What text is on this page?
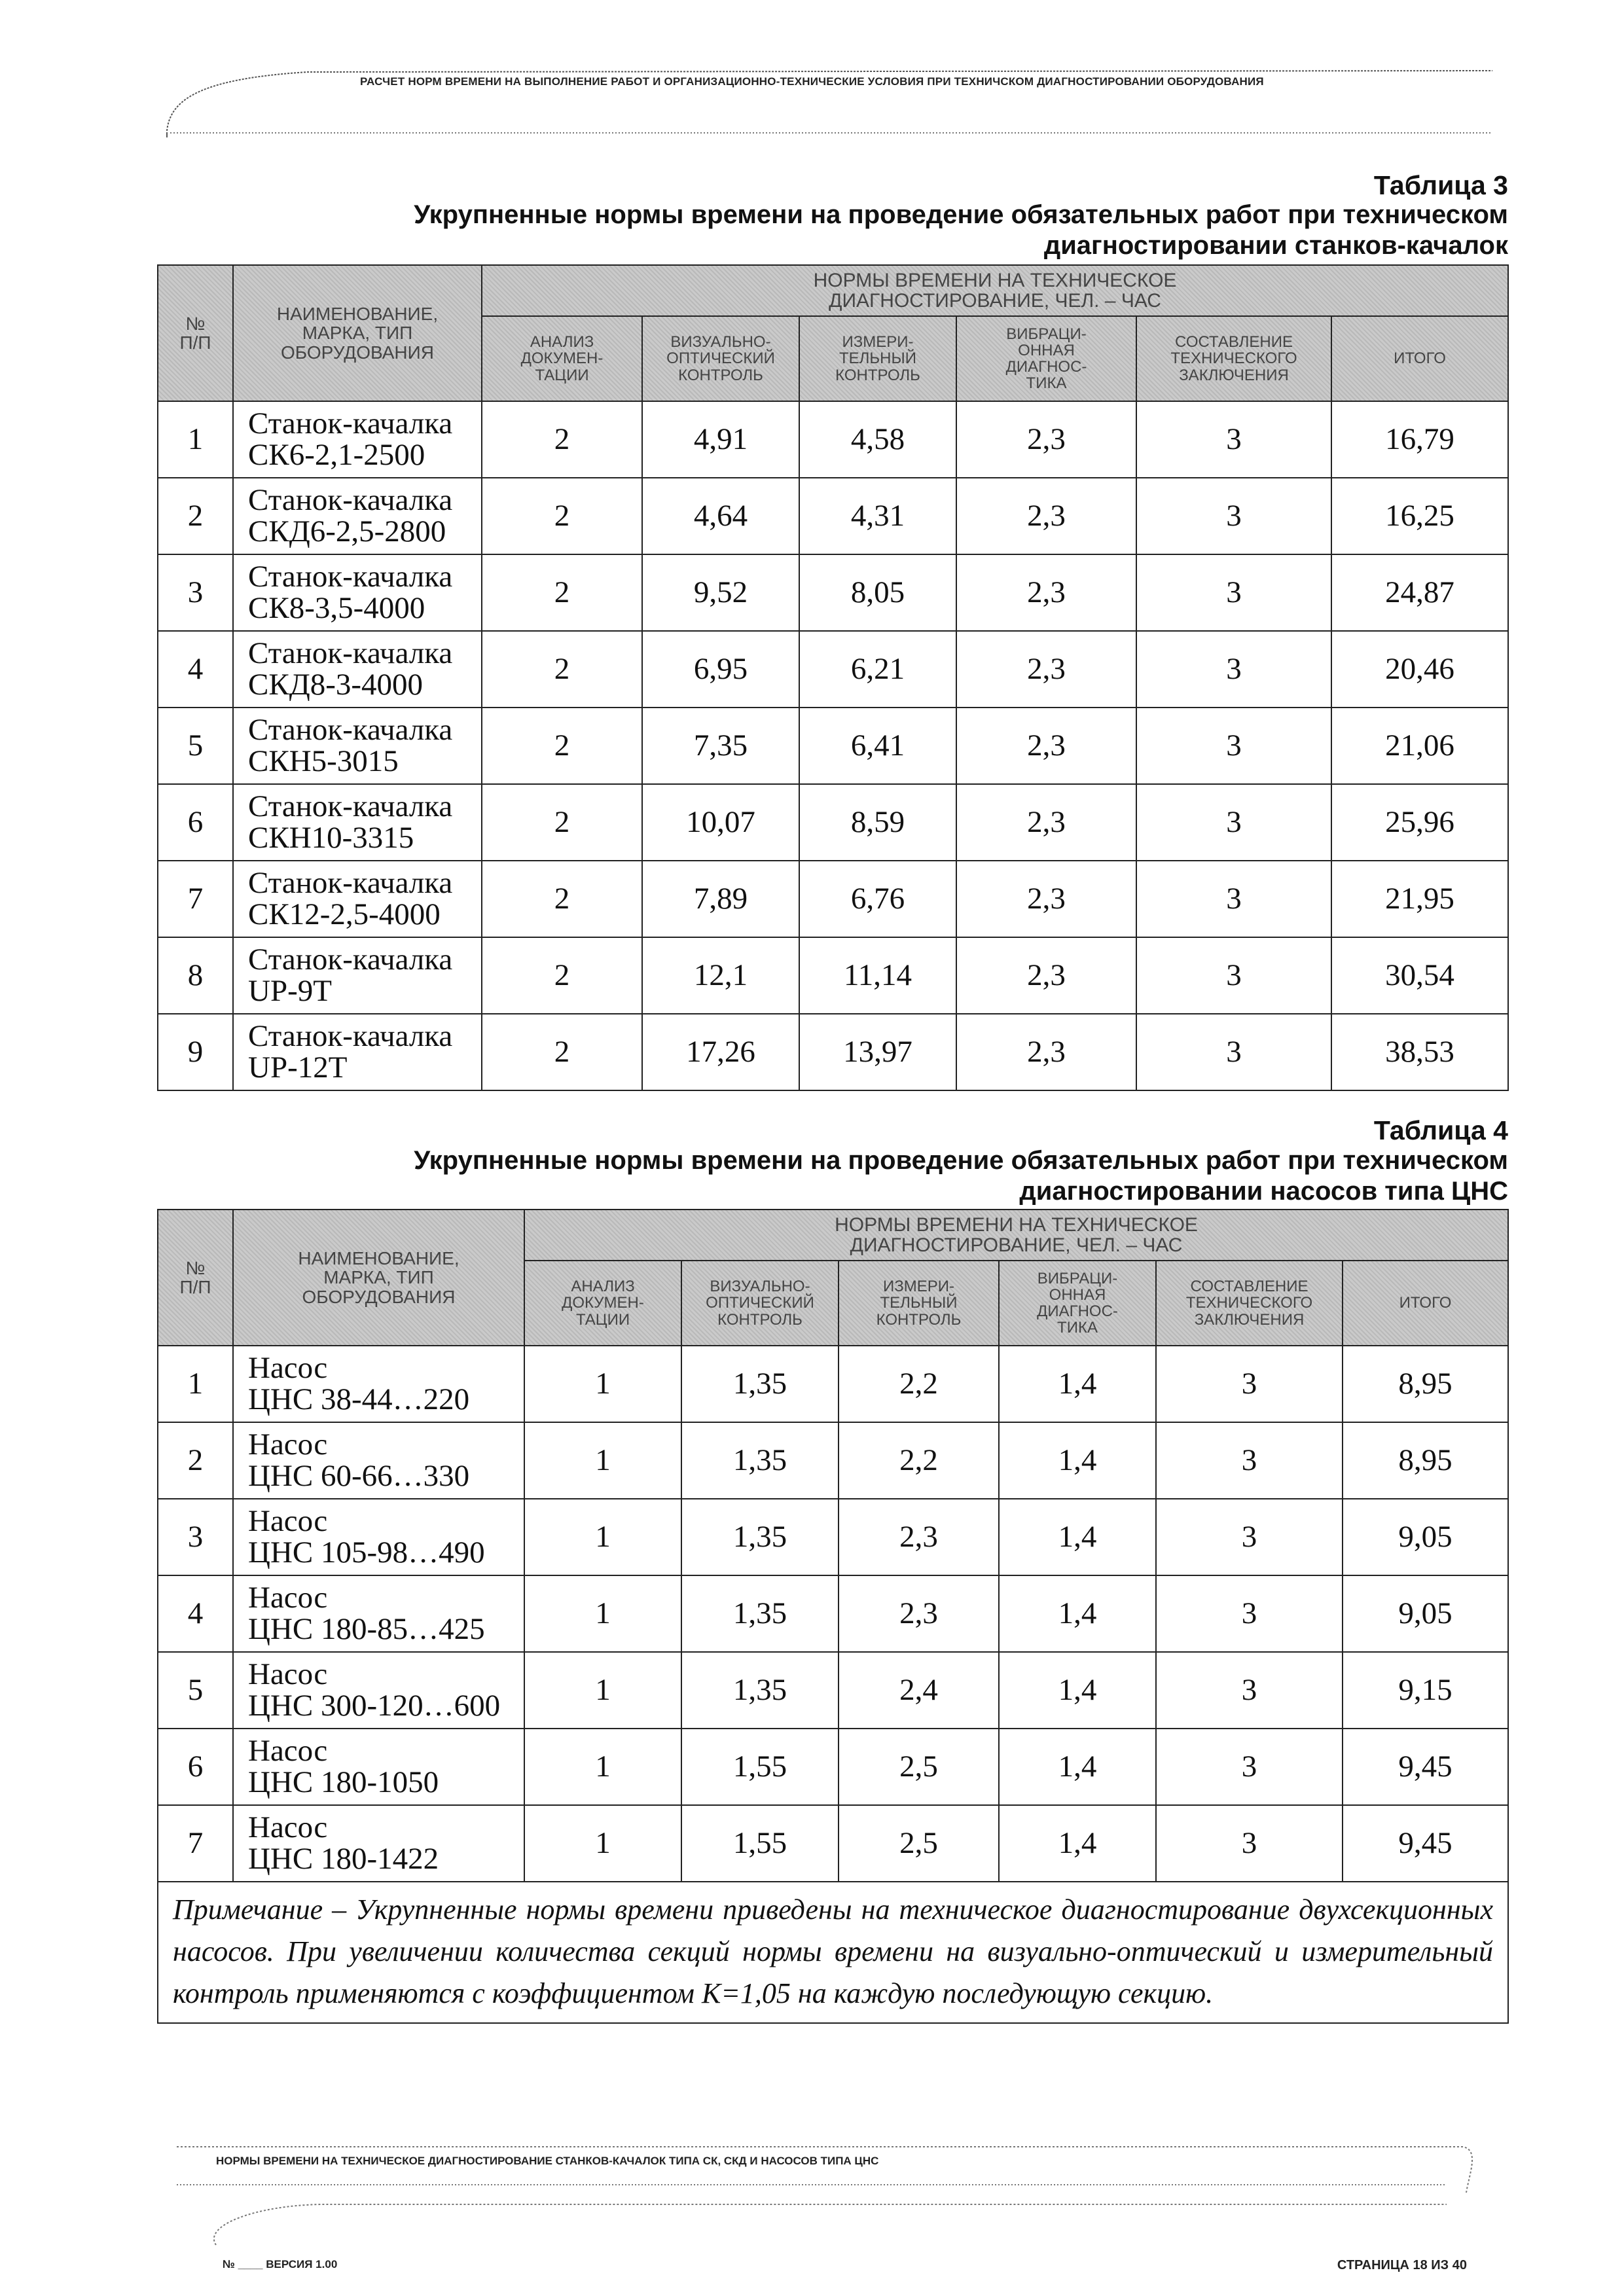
РАСЧЕТ НОРМ ВРЕМЕНИ НА ВЫПОЛНЕНИЕ РАБОТ И ОРГАНИЗАЦИОННО-ТЕХНИЧЕСКИЕ УСЛОВИЯ ПРИ ТЕХНИЧСКОМ ДИАГНОСТИРОВАНИИ ОБОРУДОВАНИЯ
Таблица 3
Укрупненные нормы времени на проведение обязательных работ при техническом
диагностировании станков-качалок
№
П/П	НАИМЕНОВАНИЕ,
МАРКА, ТИП
ОБОРУДОВАНИЯ	НОРМЫ ВРЕМЕНИ НА ТЕХНИЧЕСКОЕ
ДИАГНОСТИРОВАНИЕ, ЧЕЛ. – ЧАС					

		АНАЛИЗ
ДОКУМЕН-
ТАЦИИ	ВИЗУАЛЬНО-
ОПТИЧЕСКИЙ
КОНТРОЛЬ	ИЗМЕРИ-
ТЕЛЬНЫЙ
КОНТРОЛЬ	ВИБРАЦИ-
ОННАЯ
ДИАГНОС-
ТИКА	СОСТАВЛЕНИЕ
ТЕХНИЧЕСКОГО
ЗАКЛЮЧЕНИЯ	ИТОГО
1	Станок-качалка
СК6-2,1-2500	2	4,91	4,58	2,3	3	16,79
2	Станок-качалка
СКД6-2,5-2800	2	4,64	4,31	2,3	3	16,25
3	Станок-качалка
СК8-3,5-4000	2	9,52	8,05	2,3	3	24,87
4	Станок-качалка
СКД8-3-4000	2	6,95	6,21	2,3	3	20,46
5	Станок-качалка
СКН5-3015	2	7,35	6,41	2,3	3	21,06
6	Станок-качалка
СКН10-3315	2	10,07	8,59	2,3	3	25,96
7	Станок-качалка
СК12-2,5-4000	2	7,89	6,76	2,3	3	21,95
8	Станок-качалка
UP-9T	2	12,1	11,14	2,3	3	30,54
9	Станок-качалка
UP-12T	2	17,26	13,97	2,3	3	38,53
Таблица 4
Укрупненные нормы времени на проведение обязательных работ при техническом
диагностировании насосов типа ЦНС
№
П/П	НАИМЕНОВАНИЕ,
МАРКА, ТИП
ОБОРУДОВАНИЯ	НОРМЫ ВРЕМЕНИ НА ТЕХНИЧЕСКОЕ
ДИАГНОСТИРОВАНИЕ, ЧЕЛ. – ЧАС					

		АНАЛИЗ
ДОКУМЕН-
ТАЦИИ	ВИЗУАЛЬНО-
ОПТИЧЕСКИЙ
КОНТРОЛЬ	ИЗМЕРИ-
ТЕЛЬНЫЙ
КОНТРОЛЬ	ВИБРАЦИ-
ОННАЯ
ДИАГНОС-
ТИКА	СОСТАВЛЕНИЕ
ТЕХНИЧЕСКОГО
ЗАКЛЮЧЕНИЯ	ИТОГО
1	Насос
ЦНС 38-44…220	1	1,35	2,2	1,4	3	8,95
2	Насос
ЦНС 60-66…330	1	1,35	2,2	1,4	3	8,95
3	Насос
ЦНС 105-98…490	1	1,35	2,3	1,4	3	9,05
4	Насос
ЦНС 180-85…425	1	1,35	2,3	1,4	3	9,05
5	Насос
ЦНС 300-120…600	1	1,35	2,4	1,4	3	9,15
6	Насос
ЦНС 180-1050	1	1,55	2,5	1,4	3	9,45
7	Насос
ЦНС 180-1422	1	1,55	2,5	1,4	3	9,45
Примечание – Укрупненные нормы времени приведены на техническое диагностирование двухсекционных насосов. При увеличении количества секций нормы времени на визуально-оптический и измерительный контроль применяются с коэффициентом К=1,05 на каждую последующую секцию.							
НОРМЫ ВРЕМЕНИ НА ТЕХНИЧЕСКОЕ ДИАГНОСТИРОВАНИЕ СТАНКОВ-КАЧАЛОК ТИПА СК, СКД И НАСОСОВ ТИПА ЦНС
№ ____ ВЕРСИЯ 1.00	СТРАНИЦА 18 ИЗ 40
